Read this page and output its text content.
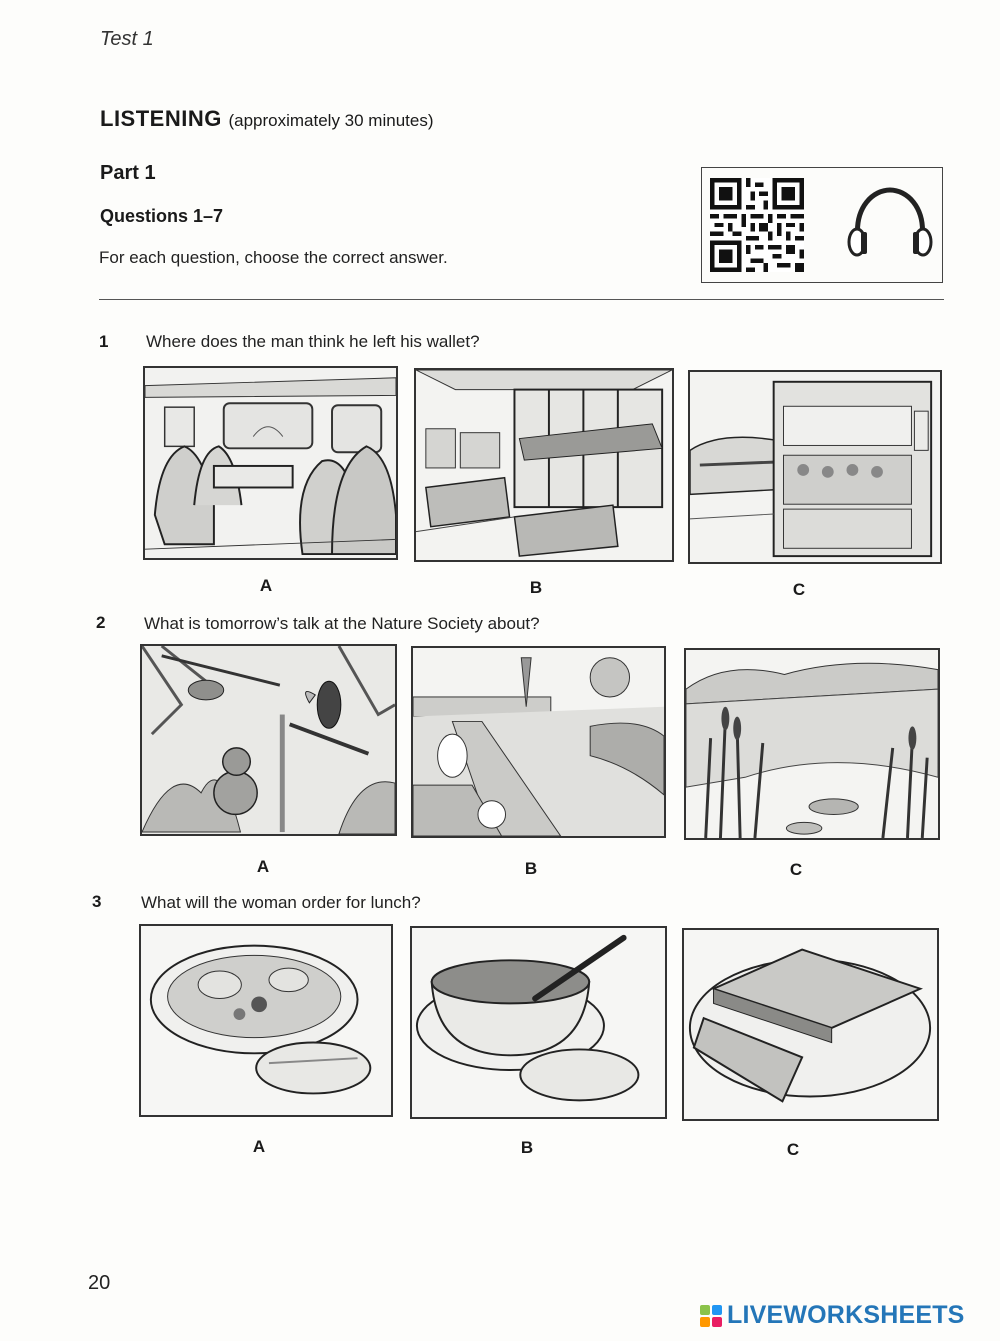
Test 1
LISTENING (approximately 30 minutes)
Part 1
Questions 1–7
For each question, choose the correct answer.
1 Where does the man think he left his wallet?
A	B	C
2 What is tomorrow’s talk at the Nature Society about?
A	B	C
3 What will the woman order for lunch?
A	B	C
20
LIVEWORKSHEETS
